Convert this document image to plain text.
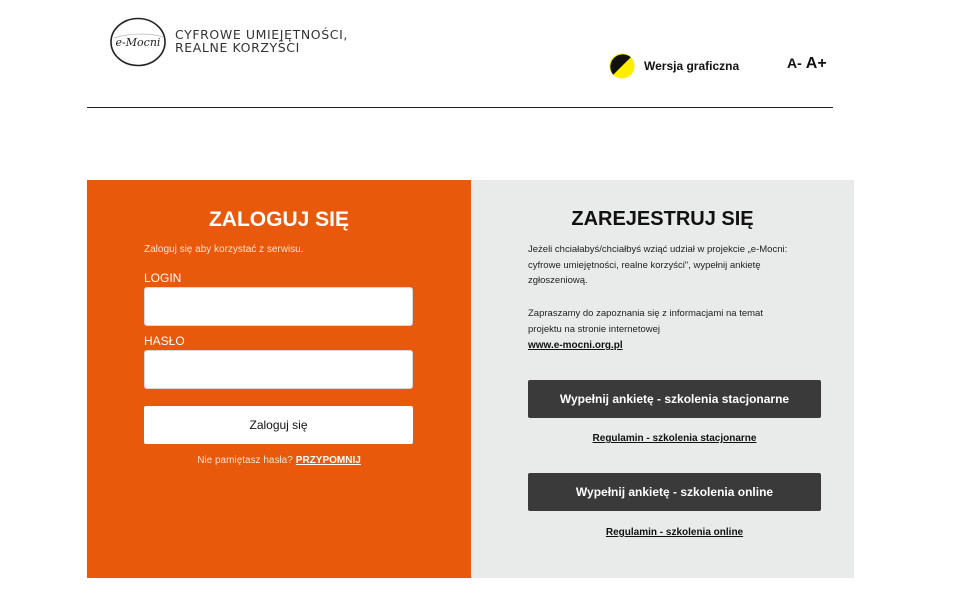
e-Mocni
CYFROWE UMIEJĘTNOŚCI,
REALNE KORZYŚCI
Wersja graficzna	A- A+
ZALOGUJ SIĘ
Zaloguj się aby korzystać z serwisu.
LOGIN
HASŁO
Zaloguj się
Nie pamiętasz hasła? PRZYPOMNIJ
ZAREJESTRUJ SIĘ

Jeżeli chciałabyś/chciałbyś wziąć udział w projekcie „e-Mocni: cyfrowe umiejętności, realne korzyści", wypełnij ankietę zgłoszeniową.

Zapraszamy do zapoznania się z informacjami na temat projektu na stronie internetowej

www.e-mocni.org.pl
Wypełnij ankietę - szkolenia stacjonarne
Regulamin - szkolenia stacjonarne
Wypełnij ankietę - szkolenia online
Regulamin - szkolenia online
